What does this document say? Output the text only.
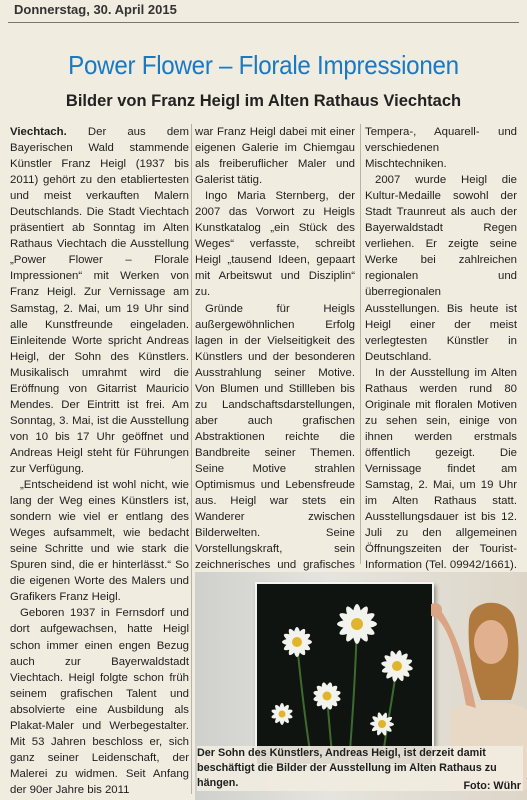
Donnerstag, 30. April 2015
Power Flower – Florale Impressionen
Bilder von Franz Heigl im Alten Rathaus Viechtach

Viechtach. Der aus dem Bayerischen Wald stammende Künstler Franz Heigl (1937 bis 2011) gehört zu den etabliertesten und meist verkauften Malern Deutschlands. Die Stadt Viechtach präsentiert ab Sonntag im Alten Rathaus Viechtach die Ausstellung „Power Flower – Florale Impressionen“ mit Werken von Franz Heigl. Zur Vernissage am Samstag, 2. Mai, um 19 Uhr sind alle Kunstfreunde eingeladen. Einleitende Worte spricht Andreas Heigl, der Sohn des Künstlers. Musikalisch umrahmt wird die Eröffnung von Gitarrist Mauricio Mendes. Der Eintritt ist frei. Am Sonntag, 3. Mai, ist die Ausstellung von 10 bis 17 Uhr geöffnet und Andreas Heigl steht für Führungen zur Verfügung.

„Entscheidend ist wohl nicht, wie lang der Weg eines Künstlers ist, sondern wie viel er entlang des Weges aufsammelt, wie bedacht seine Schritte und wie stark die Spuren sind, die er hinterlässt.“ So die eigenen Worte des Malers und Grafikers Franz Heigl.

Geboren 1937 in Fernsdorf und dort aufgewachsen, hatte Heigl schon immer einen engen Bezug auch zur Bayerwaldstadt Viechtach. Heigl folgte schon früh seinem grafischen Talent und absolvierte eine Ausbildung als Plakat-Maler und Werbegestalter. Mit 53 Jahren beschloss er, sich ganz seiner Leidenschaft, der Malerei zu widmen. Seit Anfang der 90er Jahre bis 2011

war Franz Heigl dabei mit einer eigenen Galerie im Chiemgau als freiberuflicher Maler und Galerist tätig.

Ingo Maria Sternberg, der 2007 das Vorwort zu Heigls Kunstkatalog „ein Stück des Weges“ verfasste, schreibt Heigl „tausend Ideen, gepaart mit Arbeitswut und Disziplin“ zu.

Gründe für Heigls außergewöhnlichen Erfolg lagen in der Vielseitigkeit des Künstlers und der besonderen Ausstrahlung seiner Motive. Von Blumen und Stillleben bis zu Landschaftsdarstellungen, aber auch grafischen Abstraktionen reichte die Bandbreite seiner Themen. Seine Motive strahlen Optimismus und Lebensfreude aus. Heigl war stets ein Wanderer zwischen Bilderwelten. Seine Vorstellungskraft, sein zeichnerisches und grafisches

Tempera-, Aquarell- und verschiedenen Mischtechniken.

2007 wurde Heigl die Kultur-Medaille sowohl der Stadt Traunreut als auch der Bayerwaldstadt Regen verliehen. Er zeigte seine Werke bei zahlreichen regionalen und überregionalen Ausstellungen. Bis heute ist Heigl einer der meist verlegtesten Künstler in Deutschland.

In der Ausstellung im Alten Rathaus werden rund 80 Originale mit floralen Motiven zu sehen sein, einige von ihnen werden erstmals öffentlich gezeigt. Die Vernissage findet am Samstag, 2. Mai, um 19 Uhr im Alten Rathaus statt. Ausstellungsdauer ist bis 12. Juli zu den allgemeinen Öffnungszeiten der Tourist-Information (Tel. 09942/1661).

Der Sohn des Künstlers, Andreas Heigl, ist derzeit damit beschäftigt die Bilder der Ausstellung im Alten Rathaus zu hängen.	Foto: Wühr
